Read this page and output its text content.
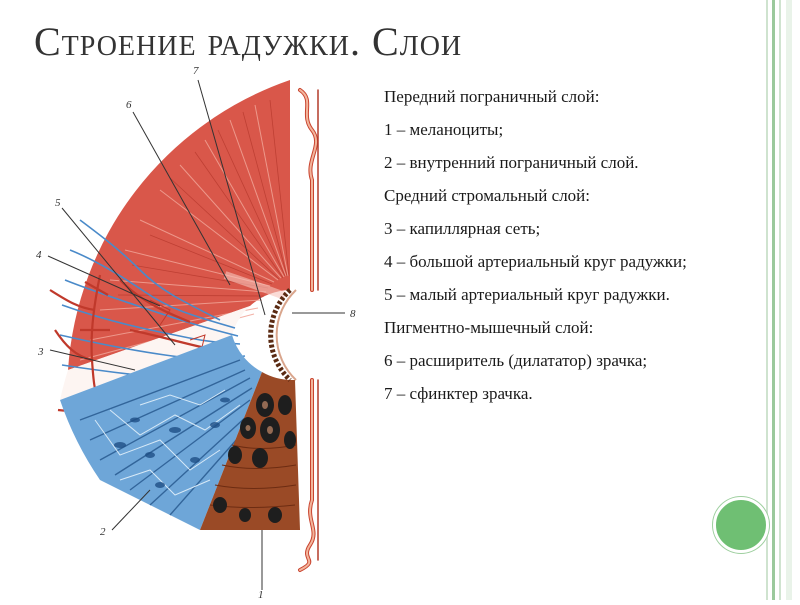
Строение радужки. Слои
7
6
5
4
3
2
1
8
Передний пограничный слой:
1 – меланоциты;
2 – внутренний пограничный слой.
Средний стромальный слой:
3 – капиллярная сеть;
4 – большой артериальный круг радужки;
5 – малый артериальный круг радужки.
Пигментно-мышечный слой:
6 – расширитель (дилататор) зрачка;
7 – сфинктер зрачка.
